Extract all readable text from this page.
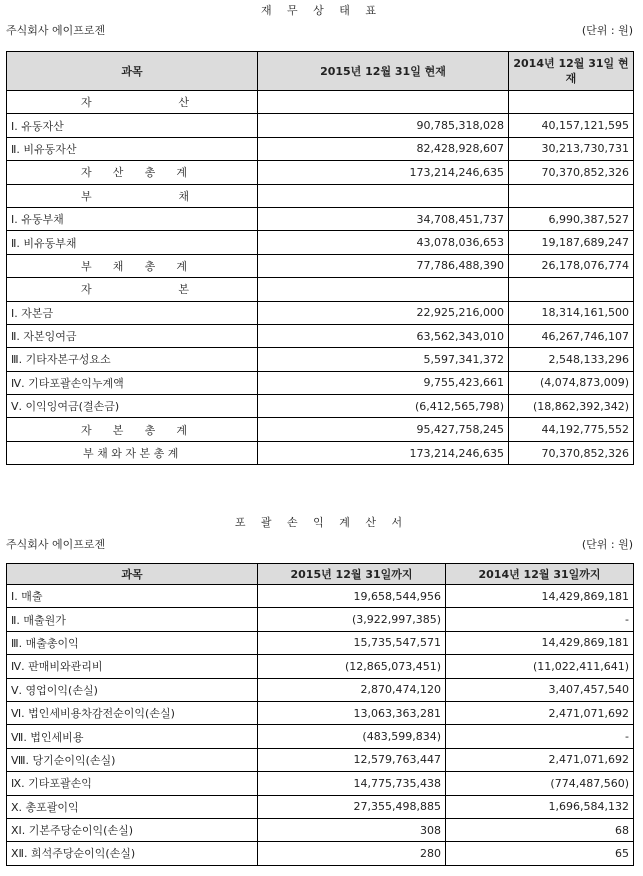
재 무 상 태 표
주식회사 에이프로젠	(단위 : 원)
과목	2015년 12월 31일 현재	2014년 12월 31일 현재

자 산		

Ⅰ. 유동자산	90,785,318,028	40,157,121,595
Ⅱ. 비유동자산	82,428,928,607	30,213,730,731

자 산 총 계	173,214,246,635	70,370,852,326

부 채		

Ⅰ. 유동부채	34,708,451,737	6,990,387,527
Ⅱ. 비유동부채	43,078,036,653	19,187,689,247

부 채 총 계	77,786,488,390	26,178,076,774

자 본		

Ⅰ. 자본금	22,925,216,000	18,314,161,500
Ⅱ. 자본잉여금	63,562,343,010	46,267,746,107
Ⅲ. 기타자본구성요소	5,597,341,372	2,548,133,296
Ⅳ. 기타포괄손익누계액	9,755,423,661	(4,074,873,009)
Ⅴ. 이익잉여금(결손금)	(6,412,565,798)	(18,862,392,342)

자 본 총 계	95,427,758,245	44,192,775,552
부 채 와 자 본 총 계	173,214,246,635	70,370,852,326
포 괄 손 익 계 산 서
주식회사 에이프로젠	(단위 : 원)
과목	2015년 12월 31일까지	2014년 12월 31일까지
Ⅰ. 매출	19,658,544,956	14,429,869,181
Ⅱ. 매출원가	(3,922,997,385)	-
Ⅲ. 매출총이익	15,735,547,571	14,429,869,181
Ⅳ. 판매비와관리비	(12,865,073,451)	(11,022,411,641)
Ⅴ. 영업이익(손실)	2,870,474,120	3,407,457,540
Ⅵ. 법인세비용차감전순이익(손실)	13,063,363,281	2,471,071,692
Ⅶ. 법인세비용	(483,599,834)	-
Ⅷ. 당기순이익(손실)	12,579,763,447	2,471,071,692
Ⅸ. 기타포괄손익	14,775,735,438	(774,487,560)
Ⅹ. 총포괄이익	27,355,498,885	1,696,584,132
ⅩⅠ. 기본주당순이익(손실)	308	68
ⅩⅡ. 희석주당순이익(손실)	280	65
